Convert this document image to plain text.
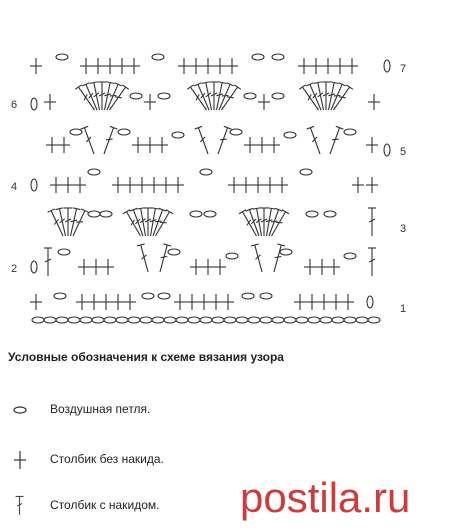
6
4
2
7
5
3
1
Условные обозначения к схеме вязания узора
Воздушная петля.
Столбик без накида.
Столбик с накидом. postila.ru
